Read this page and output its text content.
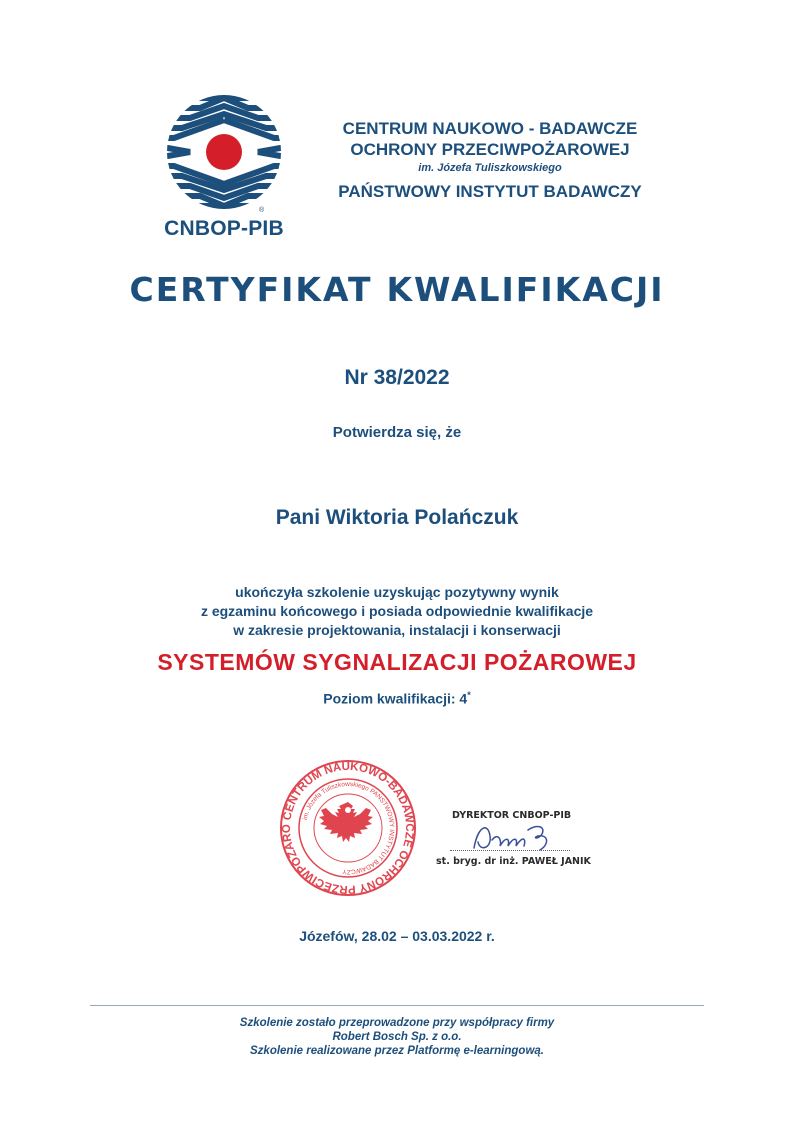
®
CNBOP-PIB
CENTRUM NAUKOWO - BADAWCZE
OCHRONY PRZECIWPOŻAROWEJ
im. Józefa Tuliszkowskiego
PAŃSTWOWY INSTYTUT BADAWCZY
CERTYFIKAT KWALIFIKACJI
Nr 38/2022
Potwierdza się, że
Pani Wiktoria Polańczuk
ukończyła szkolenie uzyskując pozytywny wynik
z egzaminu końcowego i posiada odpowiednie kwalifikacje
w zakresie projektowania, instalacji i konserwacji
SYSTEMÓW SYGNALIZACJI POŻAROWEJ
Poziom kwalifikacji: 4*
CENTRUM NAUKOWO-BADAWCZE OCHRONY PRZECIWPOŻARO
im. Józefa Tuliszkowskiego PAŃSTWOWY INSTYTUT BADAWCZY
DYREKTOR CNBOP-PIB
st. bryg. dr inż. PAWEŁ JANIK
Józefów, 28.02 – 03.03.2022 r.
Szkolenie zostało przeprowadzone przy współpracy firmy
Robert Bosch Sp. z o.o.
Szkolenie realizowane przez Platformę e-learningową.
